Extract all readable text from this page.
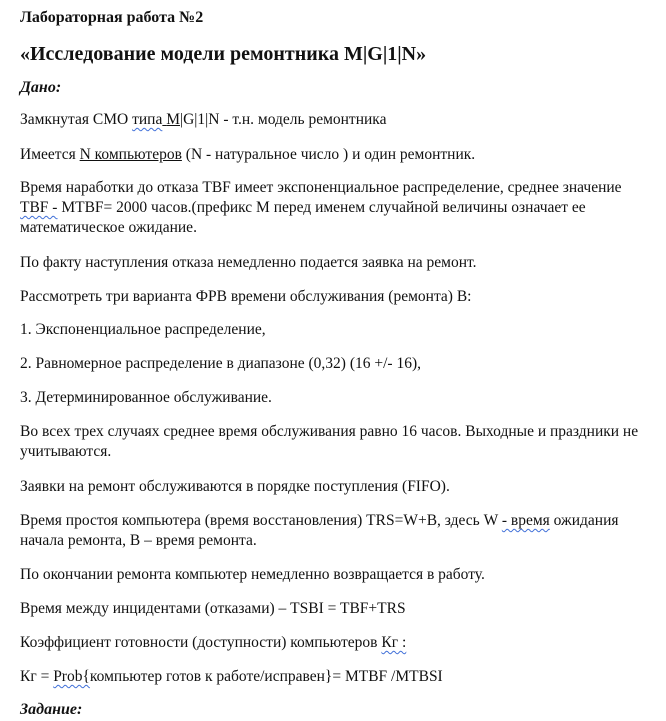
Лабораторная работа №2
«Исследование модели ремонтника M|G|1|N»
Дано:
Замкнутая СМО типа M|G|1|N - т.н. модель ремонтника
Имеется N компьютеров (N - натуральное число ) и один ремонтник.
Время наработки до отказа TBF имеет экспоненциальное распределение, среднее значение
TBF - MTBF= 2000 часов.(префикс M перед именем случайной величины означает ее
математическое ожидание.
По факту наступления отказа немедленно подается заявка на ремонт.
Рассмотреть три варианта ФРВ времени обслуживания (ремонта) B:
1. Экспоненциальное распределение,
2. Равномерное распределение в диапазоне (0,32) (16 +/- 16),
3. Детерминированное обслуживание.
Во всех трех случаях среднее время обслуживания равно 16 часов. Выходные и праздники не
учитываются.
Заявки на ремонт обслуживаются в порядке поступления (FIFO).
Время простоя компьютера (время восстановления) TRS=W+B, здесь W - время ожидания
начала ремонта, B – время ремонта.
По окончании ремонта компьютер немедленно возвращается в работу.
Время между инцидентами (отказами) – TSBI = TBF+TRS
Коэффициент готовности (доступности) компьютеров Кг :
Кг = Prob{компьютер готов к работе/исправен}= MTBF /MTBSI
Задание:
